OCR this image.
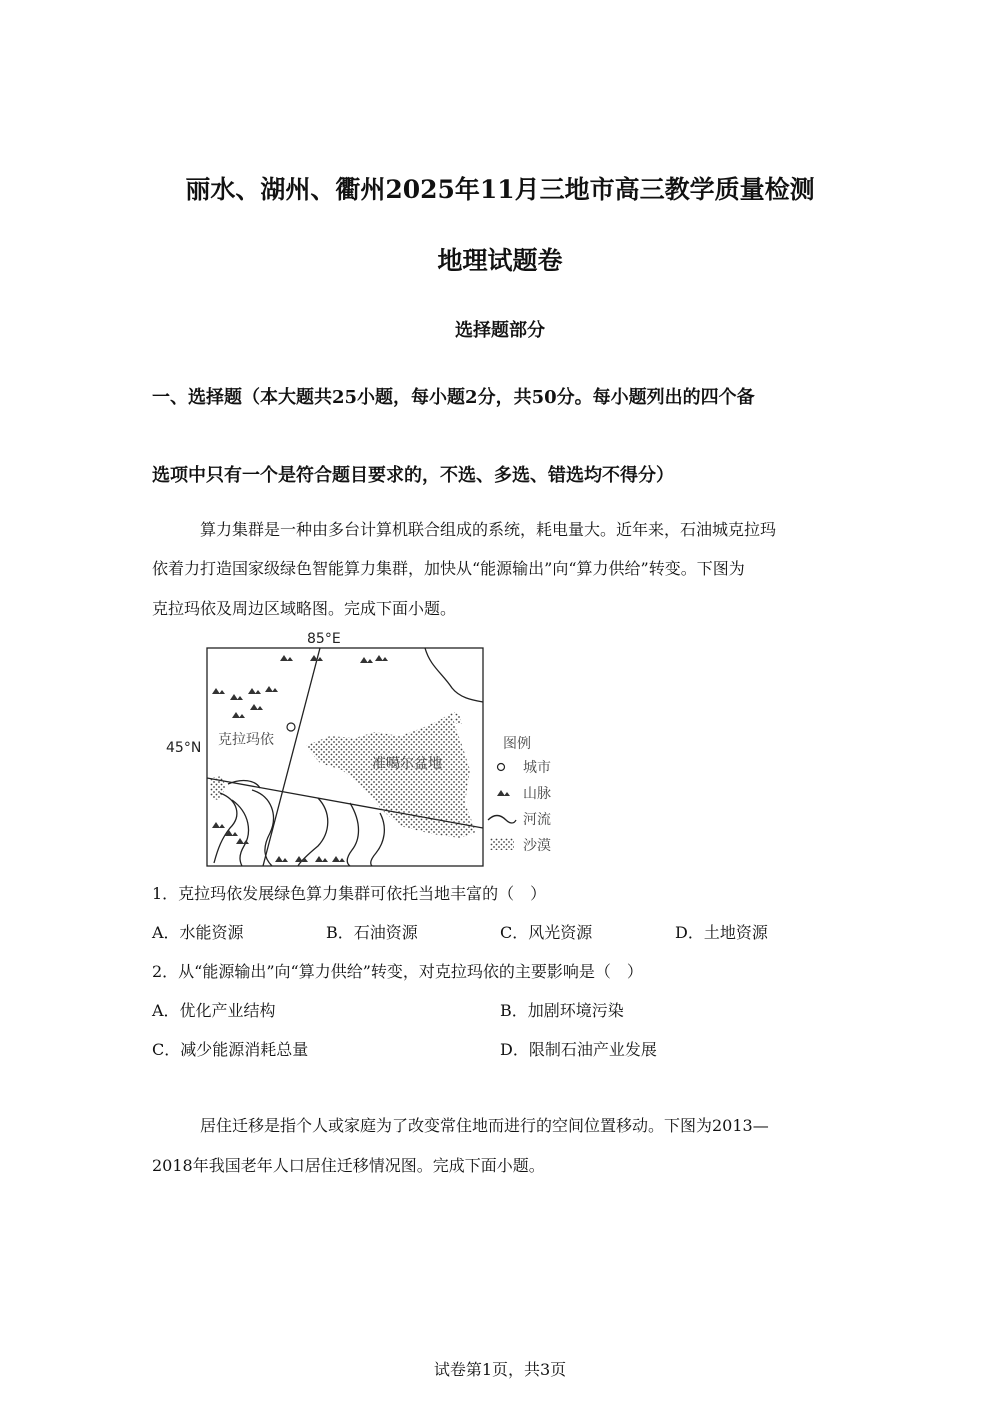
丽水、湖州、衢州2025年11月三地市高三教学质量检测
地理试题卷
选择题部分
一、选择题（本大题共25小题，每小题2分，共50分。每小题列出的四个备
选项中只有一个是符合题目要求的，不选、多选、错选均不得分）
算力集群是一种由多台计算机联合组成的系统，耗电量大。近年来，石油城克拉玛
依着力打造国家级绿色智能算力集群，加快从“能源输出”向“算力供给”转变。下图为
克拉玛依及周边区域略图。完成下面小题。
85°E
45°N 克拉玛依
准噶尔盆地
图例
城市
山脉
河流
沙漠
1．克拉玛依发展绿色算力集群可依托当地丰富的（　）
A．水能资源	B．石油资源	C．风光资源	D．土地资源
2．从“能源输出”向“算力供给”转变，对克拉玛依的主要影响是（　）
A．优化产业结构	B．加剧环境污染
C．减少能源消耗总量	D．限制石油产业发展
居住迁移是指个人或家庭为了改变常住地而进行的空间位置移动。下图为2013—
2018年我国老年人口居住迁移情况图。完成下面小题。
试卷第1页，共3页
